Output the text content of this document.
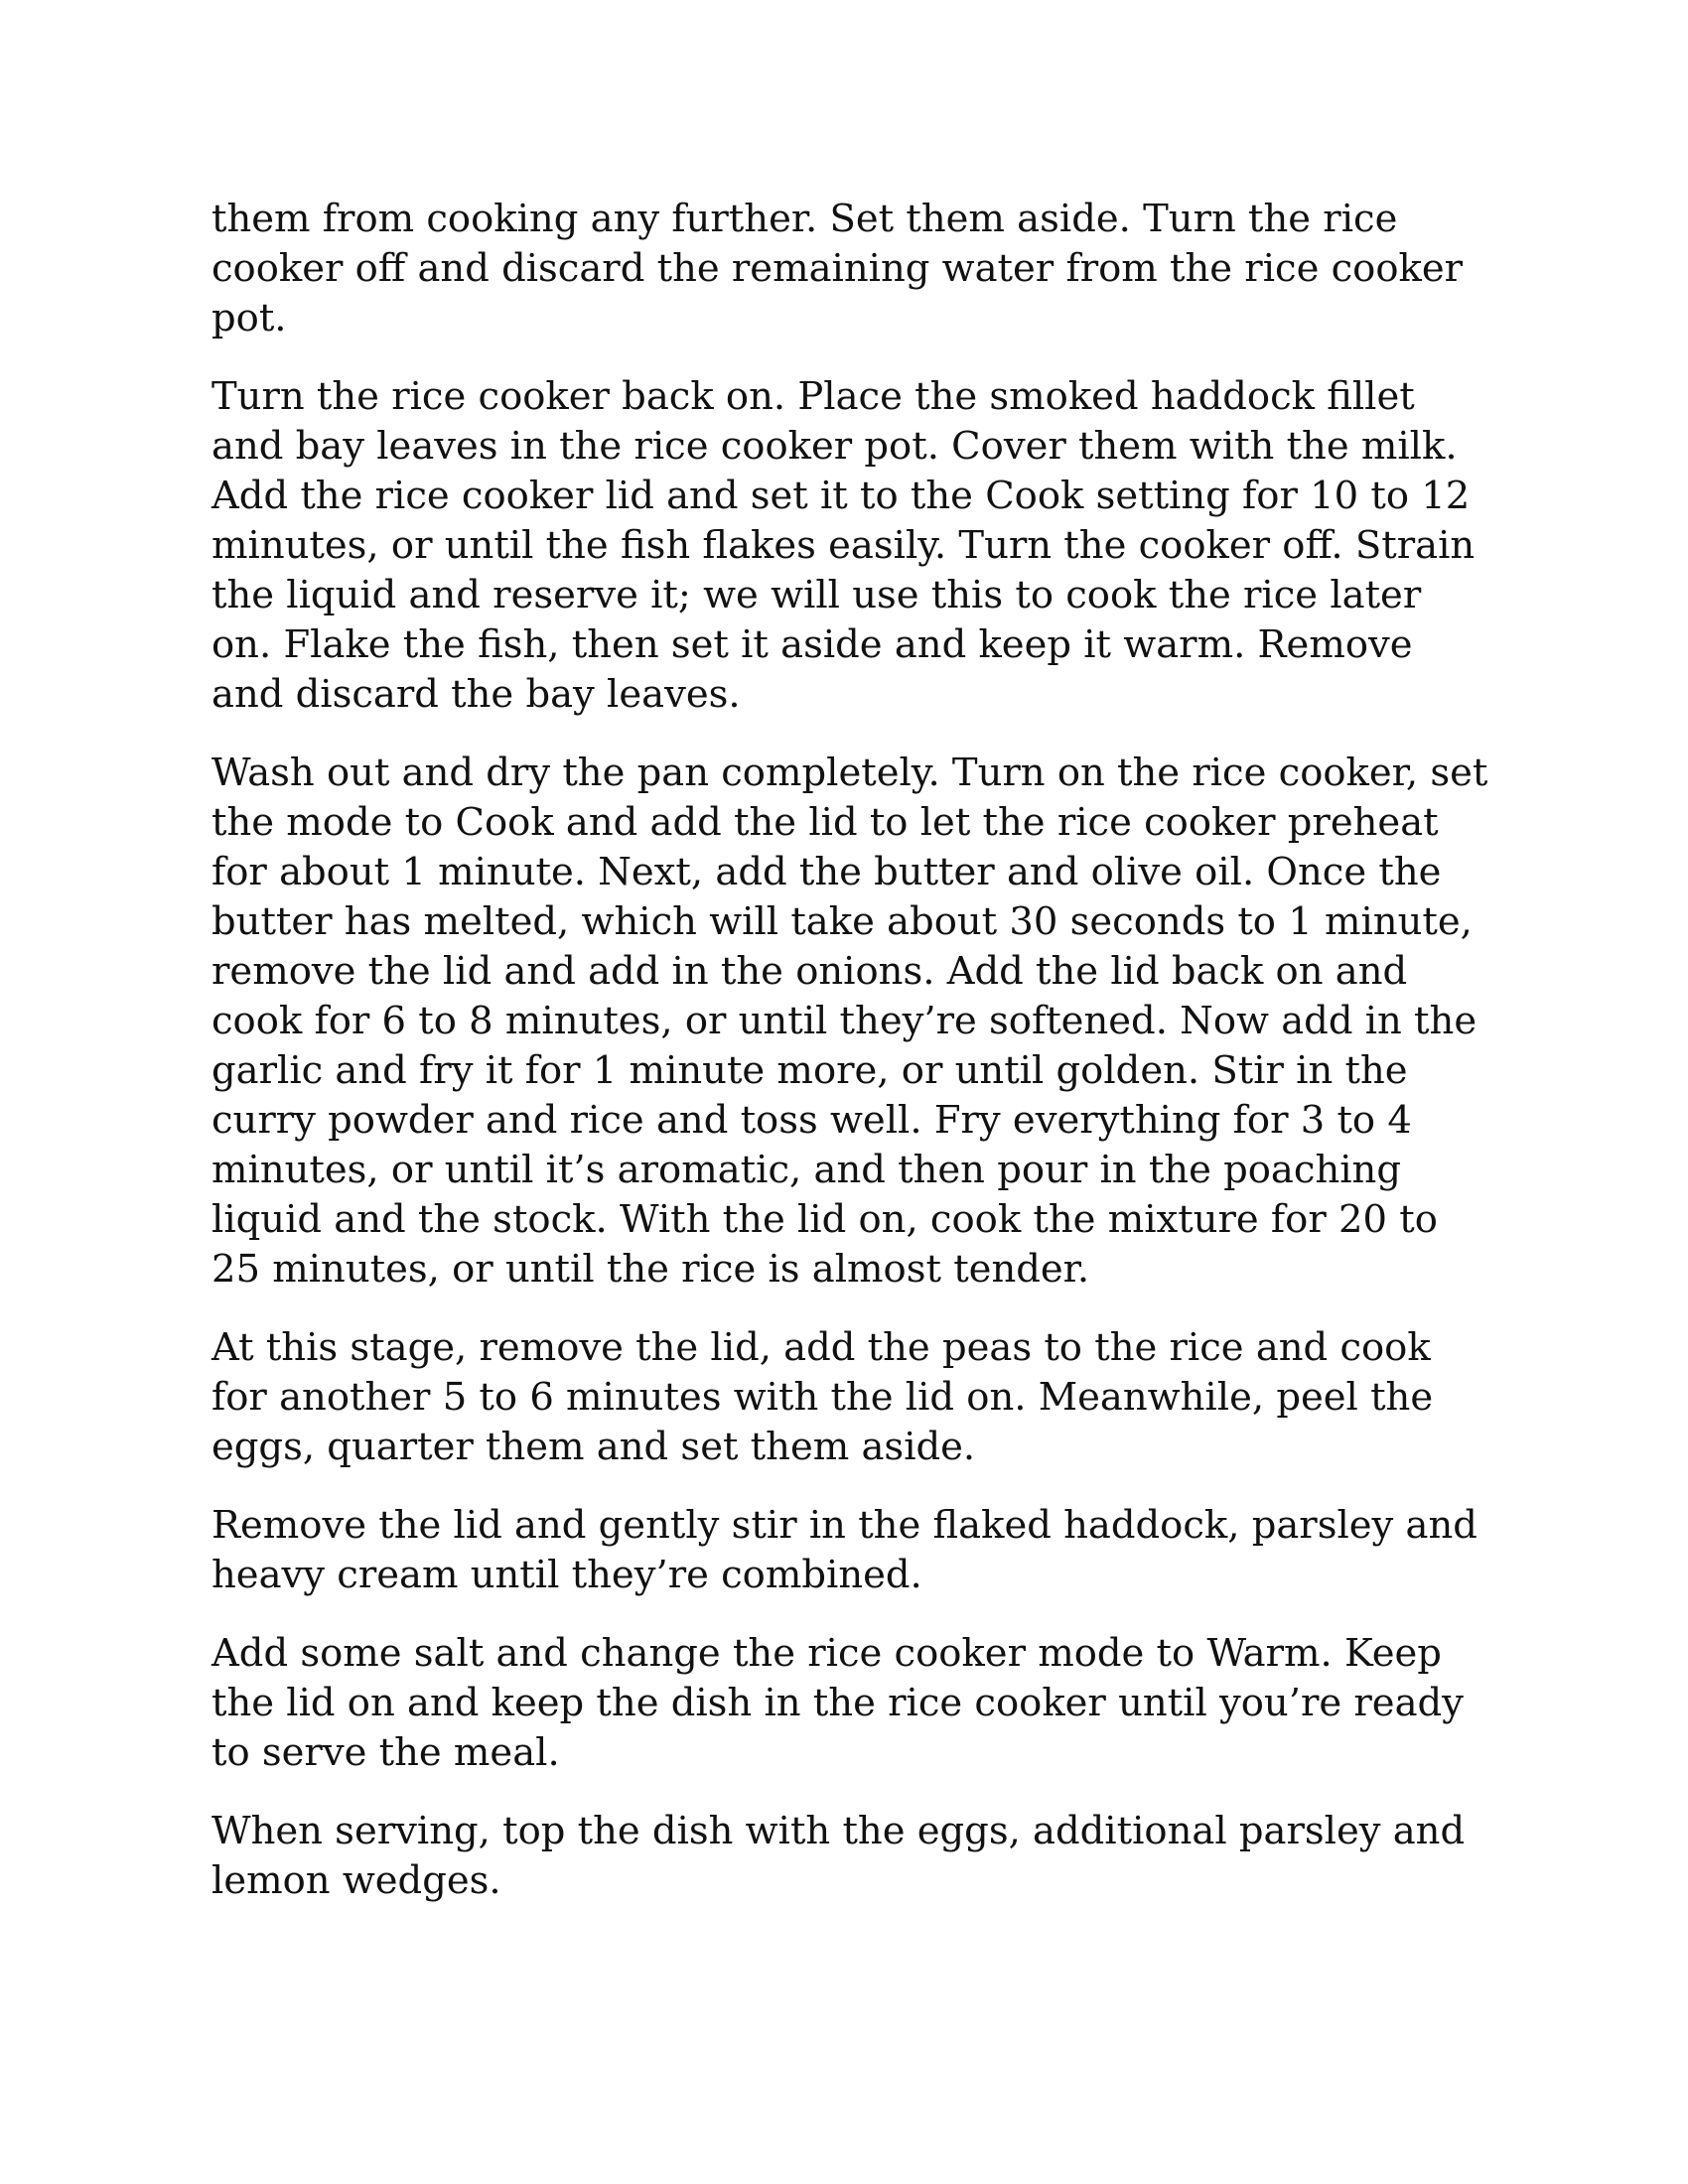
them from cooking any further. Set them aside. Turn the rice cooker off and discard the remaining water from the rice cooker pot.

Turn the rice cooker back on. Place the smoked haddock fillet and bay leaves in the rice cooker pot. Cover them with the milk. Add the rice cooker lid and set it to the Cook setting for 10 to 12 minutes, or until the fish flakes easily. Turn the cooker off. Strain the liquid and reserve it; we will use this to cook the rice later on. Flake the fish, then set it aside and keep it warm. Remove and discard the bay leaves.

Wash out and dry the pan completely. Turn on the rice cooker, set the mode to Cook and add the lid to let the rice cooker preheat for about 1 minute. Next, add the butter and olive oil. Once the butter has melted, which will take about 30 seconds to 1 minute, remove the lid and add in the onions. Add the lid back on and cook for 6 to 8 minutes, or until they’re softened. Now add in the garlic and fry it for 1 minute more, or until golden. Stir in the curry powder and rice and toss well. Fry everything for 3 to 4 minutes, or until it’s aromatic, and then pour in the poaching liquid and the stock. With the lid on, cook the mixture for 20 to 25 minutes, or until the rice is almost tender.

At this stage, remove the lid, add the peas to the rice and cook for another 5 to 6 minutes with the lid on. Meanwhile, peel the eggs, quarter them and set them aside.

Remove the lid and gently stir in the flaked haddock, parsley and heavy cream until they’re combined.

Add some salt and change the rice cooker mode to Warm. Keep the lid on and keep the dish in the rice cooker until you’re ready to serve the meal.

When serving, top the dish with the eggs, additional parsley and lemon wedges.
